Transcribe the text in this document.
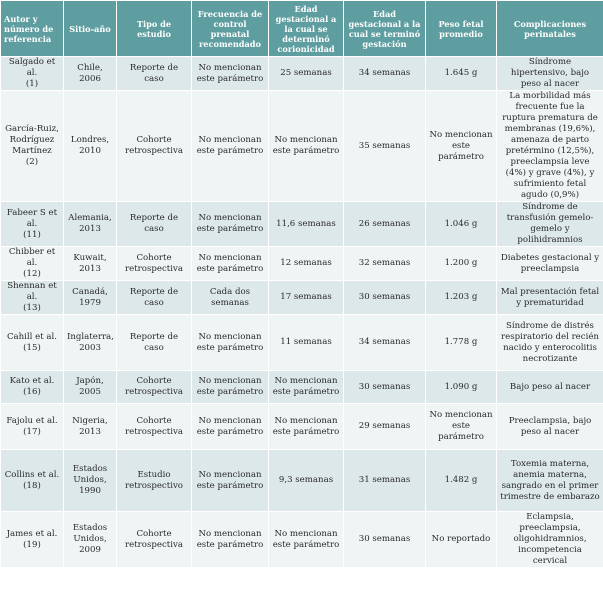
Autor y número de referencia	Sitio-año	Tipo de estudio	Frecuencia de control prenatal recomendado	Edad gestacional a la cual se determinó corionicidad	Edad gestacional a la cual se terminó gestación	Peso fetal promedio	Complicaciones perinatales
Salgado et al.
(1)	Chile, 2006	Reporte de caso	No mencionan este parámetro	25 semanas	34 semanas	1.645 g	Síndrome hipertensivo, bajo peso al nacer
García-Ruiz, Rodríguez Martínez
(2)	Londres, 2010	Cohorte retrospectiva	No mencionan este parámetro	No mencionan este parámetro	35 semanas	No mencionan este parámetro	La morbilidad más frecuente fue la ruptura prematura de membranas (19,6%), amenaza de parto pretérmino (12,5%), preeclampsia leve (4%) y grave (4%), y sufrimiento fetal agudo (0,9%)
Fabeer S et al.
(11)	Alemania, 2013	Reporte de caso	No mencionan este parámetro	11,6 semanas	26 semanas	1.046 g	Síndrome de transfusión gemelo-gemelo y polihidramnios
Chibber et al.
(12)	Kuwait, 2013	Cohorte retrospectiva	No mencionan este parámetro	12 semanas	32 semanas	1.200 g	Diabetes gestacional y preeclampsia
Shennan et al.
(13)	Canadá, 1979	Reporte de caso	Cada dos semanas	17 semanas	30 semanas	1.203 g	Mal presentación fetal y prematuridad
Cahill et al.
(15)	Inglaterra, 2003	Reporte de caso	No mencionan este parámetro	11 semanas	34 semanas	1.778 g	Síndrome de distrés respiratorio del recién nacido y enterocolitis necrotizante
Kato et al.
(16)	Japón, 2005	Cohorte retrospectiva	No mencionan este parámetro	No mencionan este parámetro	30 semanas	1.090 g	Bajo peso al nacer
Fajolu et al.
(17)	Nigeria, 2013	Cohorte retrospectiva	No mencionan este parámetro	No mencionan este parámetro	29 semanas	No mencionan este parámetro	Preeclampsia, bajo peso al nacer
Collins et al.
(18)	Estados Unidos, 1990	Estudio retrospectivo	No mencionan este parámetro	9,3 semanas	31 semanas	1.482 g	Toxemia materna, anemia materna, sangrado en el primer trimestre de embarazo
James et al.
(19)	Estados Unidos, 2009	Cohorte retrospectiva	No mencionan este parámetro	No mencionan este parámetro	30 semanas	No reportado	Eclampsia, preeclampsia, oligohidramnios, incompetencia cervical
